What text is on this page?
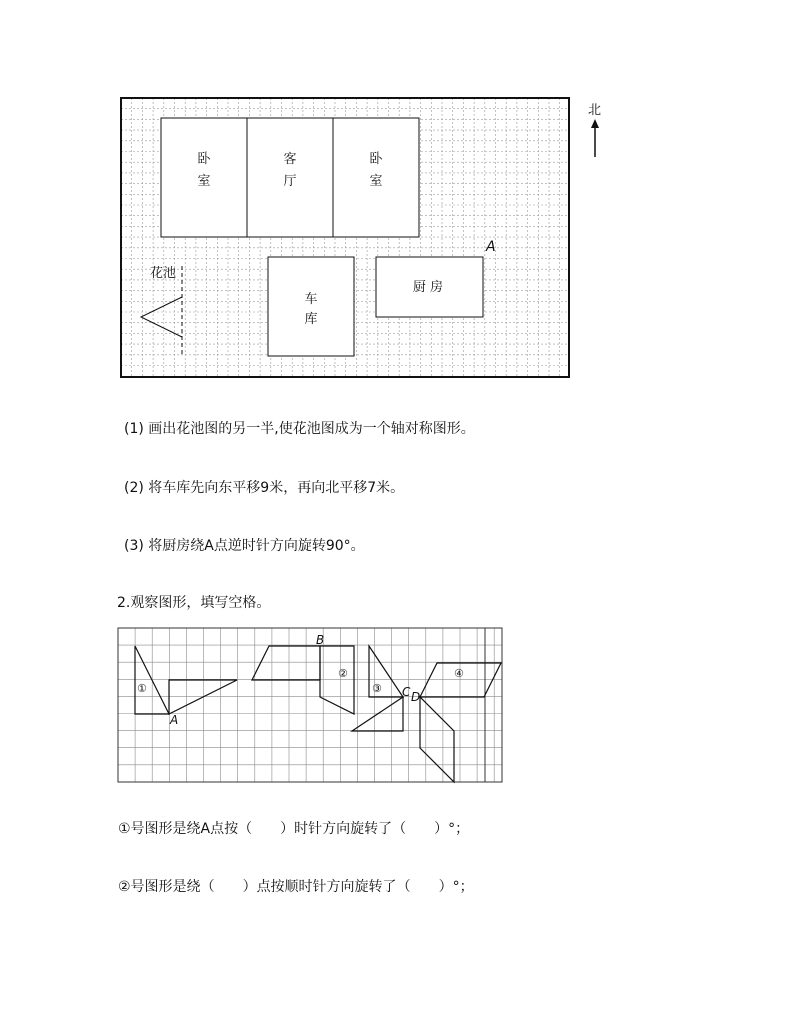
卧
室
客
厅
卧
室
车
库
厨 房
花池
A
北
(1) 画出花池图的另一半,使花池图成为一个轴对称图形。
(2) 将车库先向东平移9米，再向北平移7米。
(3) 将厨房绕A点逆时针方向旋转90°。
2.观察图形，填写空格。
①
A
B
②
③ C
④
D
①号图形是绕A点按（ ）时针方向旋转了（ ）°；
②号图形是绕（ ）点按顺时针方向旋转了（ ）°；
